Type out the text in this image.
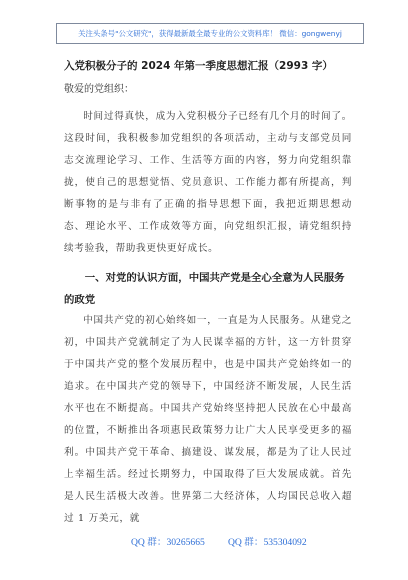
关注头条号"公文研究"，获得最新最全最专业的公文资料库！ 微信：gongwenyj
入党积极分子的 2024 年第一季度思想汇报（2993 字）
敬爱的党组织：
时间过得真快，成为入党积极分子已经有几个月的时间了。这段时间，我积极参加党组织的各项活动，主动与支部党员同志交流理论学习、工作、生活等方面的内容，努力向党组织靠拢，使自己的思想觉悟、党员意识、工作能力都有所提高，判断事物的是与非有了正确的指导思想下面，我把近期思想动态、理论水平、工作成效等方面，向党组织汇报，请党组织持续考验我，帮助我更快更好成长。
一、对党的认识方面，中国共产党是全心全意为人民服务的政党
中国共产党的初心始终如一，一直是为人民服务。从建党之初，中国共产党就制定了为人民谋幸福的方针，这一方针贯穿于中国共产党的整个发展历程中，也是中国共产党始终如一的追求。在中国共产党的领导下，中国经济不断发展，人民生活水平也在不断提高。中国共产党始终坚持把人民放在心中最高的位置，不断推出各项惠民政策努力让广大人民享受更多的福利。中国共产党干革命、搞建设、谋发展，都是为了让人民过上幸福生活。经过长期努力，中国取得了巨大发展成就。首先是人民生活极大改善。世界第二大经济体，人均国民总收入超过 1 万美元，就
QQ 群：30265665 QQ 群：535304092
